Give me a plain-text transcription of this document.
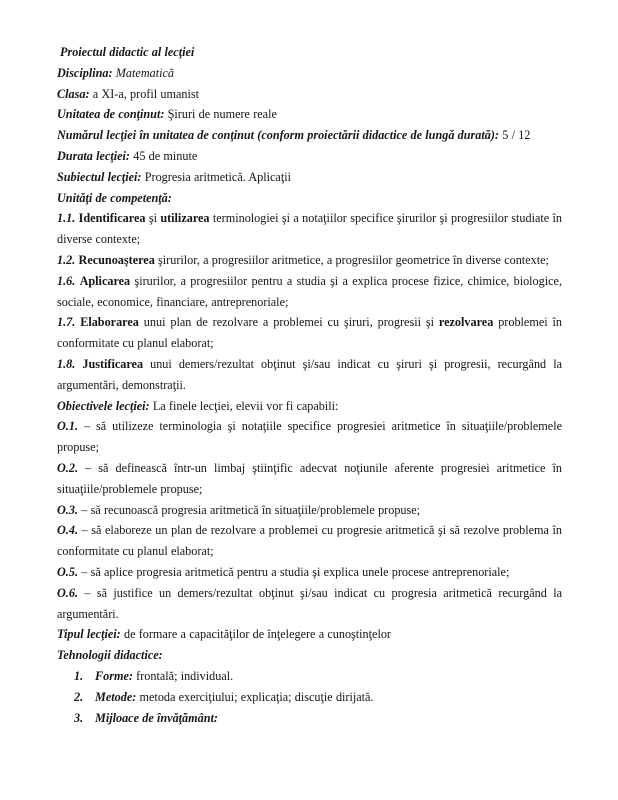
Proiectul didactic al lecţiei

Disciplina: Matematică

Clasa: a XI-a, profil umanist

Unitatea de conţinut: Şiruri de numere reale

Numărul lecţiei în unitatea de conţinut (conform proiectării didactice de lungă durată): 5 / 12

Durata lecţiei: 45 de minute

Subiectul lecţiei: Progresia aritmetică. Aplicaţii

Unităţi de competenţă:

1.1. Identificarea şi utilizarea terminologiei şi a notaţiilor specifice şirurilor şi progresiilor studiate în diverse contexte;

1.2. Recunoaşterea şirurilor, a progresiilor aritmetice, a progresiilor geometrice în diverse contexte;

1.6. Aplicarea şirurilor, a progresiilor pentru a studia şi a explica procese fizice, chimice, biologice, sociale, economice, financiare, antreprenoriale;

1.7. Elaborarea unui plan de rezolvare a problemei cu şiruri, progresii şi rezolvarea problemei în conformitate cu planul elaborat;

1.8. Justificarea unui demers/rezultat obţinut şi/sau indicat cu şiruri şi progresii, recurgând la argumentări, demonstraţii.

Obiectivele lecţiei: La finele lecţiei, elevii vor fi capabili:

O.1. – să utilizeze terminologia şi notaţiile specifice progresiei aritmetice în situaţiile/problemele propuse;

O.2. – să definească într-un limbaj ştiinţific adecvat noţiunile aferente progresiei aritmetice în situaţiile/problemele propuse;

O.3. – să recunoască progresia aritmetică în situaţiile/problemele propuse;

O.4. – să elaboreze un plan de rezolvare a problemei cu progresie aritmetică şi să rezolve problema în conformitate cu planul elaborat;

O.5. – să aplice progresia aritmetică pentru a studia şi explica unele procese antreprenoriale;

O.6. – să justifice un demers/rezultat obţinut şi/sau indicat cu progresia aritmetică recurgând la argumentări.

Tipul lecţiei: de formare a capacităţilor de înţelegere a cunoştinţelor

Tehnologii didactice:

1. Forme: frontală; individual.

2. Metode: metoda exerciţiului; explicaţia; discuţie dirijată.

3. Mijloace de învăţământ:
